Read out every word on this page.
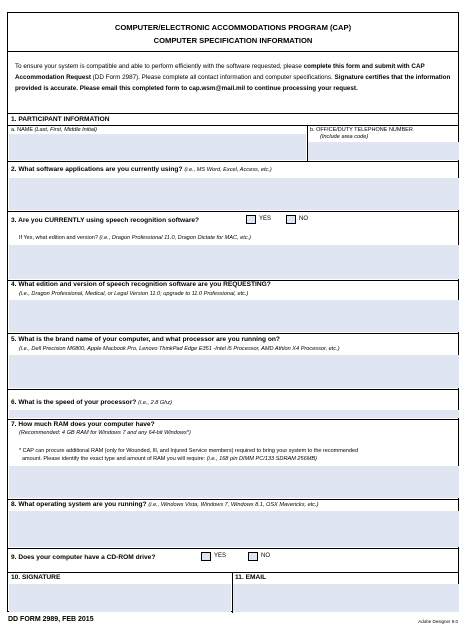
COMPUTER/ELECTRONIC ACCOMMODATIONS PROGRAM (CAP)
COMPUTER SPECIFICATION INFORMATION
To ensure your system is compatible and able to perform efficiently with the software requested, please complete this form and submit with CAP Accommodation Request (DD Form 2987). Please complete all contact information and computer specifications. Signature certifies that the information provided is accurate. Please email this completed form to cap.wsm@mail.mil to continue processing your request.
1. PARTICIPANT INFORMATION
a. NAME (Last, First, Middle Initial)	b. OFFICE/DUTY TELEPHONE NUMBER
(Include area code)
2. What software applications are you currently using? (i.e., MS Word, Excel, Access, etc.)
3. Are you CURRENTLY using speech recognition software?	YES	NO
If Yes, what edition and version? (i.e., Dragon Professional 11.0, Dragon Dictate for MAC, etc.)
4. What edition and version of speech recognition software are you REQUESTING?
(i.e., Dragon Professional, Medical, or Legal Version 11.0; upgrade to 11.0 Professional, etc.)
5. What is the brand name of your computer, and what processor are you running on?
(i.e., Dell Precision M6800, Apple Macbook Pro, Lenovo ThinkPad Edge E351 -Intel i5 Processor, AMD Athlon X4 Processor, etc.)
6. What is the speed of your processor? (i.e., 2.8 Ghz)
7. How much RAM does your computer have?
(Recommended: 4 GB RAM for Windows 7 and any 64-bit Windows*)
* CAP can procure additional RAM (only for Wounded, Ill, and Injured Service members) required to bring your system to the recommended
amount. Please identify the exact type and amount of RAM you will require: (i.e., 168 pin DIMM PC/133 SDRAM 256MB)
8. What operating system are you running? (i.e., Windows Vista, Windows 7, Windows 8.1, OSX Mavericks, etc.)
9. Does your computer have a CD-ROM drive?	YES	NO
10. SIGNATURE	11. EMAIL
DD FORM 2989, FEB 2015	Adobe Designer 9.0
